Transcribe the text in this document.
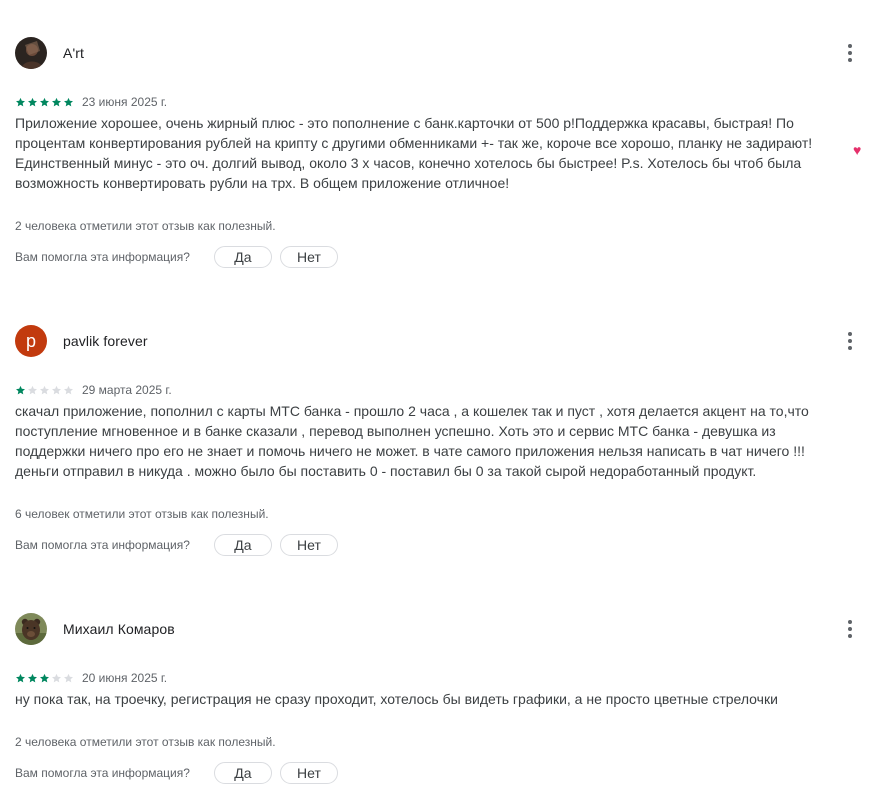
A'rt
23 июня 2025 г.
Приложение хорошее, очень жирный плюс - это пополнение с банк.карточки от 500 р!Поддержка красавы, быстрая! По
процентам конвертирования рублей на крипту с другими обменниками +- так же, короче все хорошо, планку не задирают!
Единственный минус - это оч. долгий вывод, около 3 х часов, конечно хотелось бы быстрее! P.s. Хотелось бы чтоб была
возможность конвертировать рубли на трх. В общем приложение отличное!
♥
2 человека отметили этот отзыв как полезный.
Вам помогла эта информация?	Да	Нет
p pavlik forever
29 марта 2025 г.
скачал приложение, пополнил с карты МТС банка - прошло 2 часа , а кошелек так и пуст , хотя делается акцент на то,что
поступление мгновенное и в банке сказали , перевод выполнен успешно. Хоть это и сервис МТС банка - девушка из
поддержки ничего про его не знает и помочь ничего не может. в чате самого приложения нельзя написать в чат ничего !!!
деньги отправил в никуда . можно было бы поставить 0 - поставил бы 0 за такой сырой недоработанный продукт.
6 человек отметили этот отзыв как полезный.
Вам помогла эта информация?	Да	Нет
Михаил Комаров
20 июня 2025 г.
ну пока так, на троечку, регистрация не сразу проходит, хотелось бы видеть графики, а не просто цветные стрелочки
2 человека отметили этот отзыв как полезный.
Вам помогла эта информация?	Да	Нет
